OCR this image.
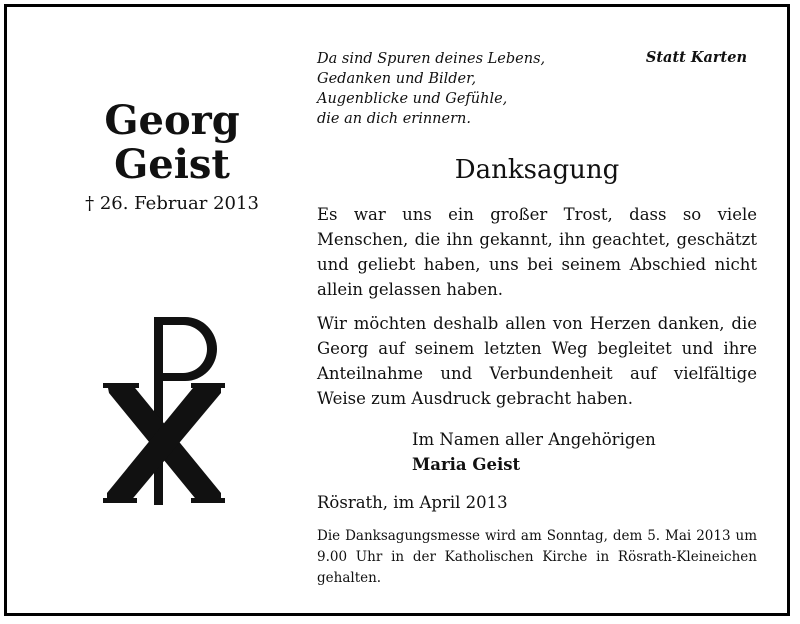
Georg
Geist
† 26. Februar 2013
Da sind Spuren deines Lebens,
Gedanken und Bilder,
Augenblicke und Gefühle,
die an dich erinnern.
Statt Karten
Danksagung
Es war uns ein großer Trost, dass so viele Menschen, die ihn gekannt, ihn geachtet, geschätzt und geliebt haben, uns bei seinem Abschied nicht allein gelassen haben.
Wir möchten deshalb allen von Herzen danken, die Georg auf seinem letzten Weg begleitet und ihre Anteilnahme und Verbundenheit auf vielfältige Weise zum Ausdruck gebracht haben.
Im Namen aller Angehörigen
Maria Geist
Rösrath, im April 2013
Die Danksagungsmesse wird am Sonntag, dem 5. Mai 2013 um 9.00 Uhr in der Katholischen Kirche in Rösrath-Kleineichen gehalten.
